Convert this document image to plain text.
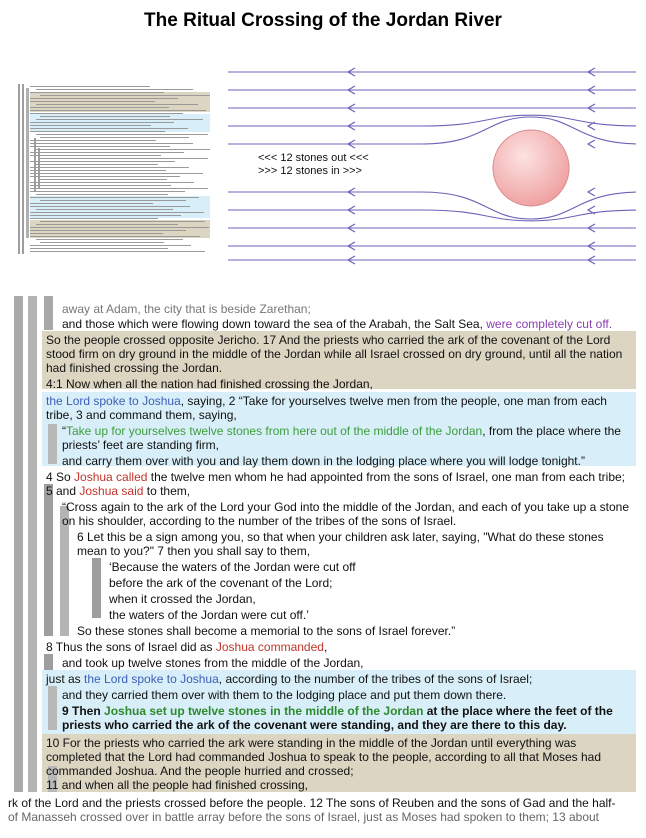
The Ritual Crossing of the Jordan River
<<< 12 stones out <<<
>>> 12 stones in >>>
away at Adam, the city that is beside Zarethan;
and those which were flowing down toward the sea of the Arabah, the Salt Sea, were completely cut off.
So the people crossed opposite Jericho. 17 And the priests who carried the ark of the covenant of the Lord
stood firm on dry ground in the middle of the Jordan while all Israel crossed on dry ground, until all the nation
had finished crossing the Jordan.
4:1 Now when all the nation had finished crossing the Jordan,
the Lord spoke to Joshua, saying, 2 “Take for yourselves twelve men from the people, one man from each
tribe, 3 and command them, saying,
“Take up for yourselves twelve stones from here out of the middle of the Jordan, from the place where the
priests’ feet are standing firm,
and carry them over with you and lay them down in the lodging place where you will lodge tonight.”
4 So Joshua called the twelve men whom he had appointed from the sons of Israel, one man from each tribe;
5 and Joshua said to them,
“Cross again to the ark of the Lord your God into the middle of the Jordan, and each of you take up a stone
on his shoulder, according to the number of the tribes of the sons of Israel.
6 Let this be a sign among you, so that when your children ask later, saying, "What do these stones
mean to you?" 7 then you shall say to them,
‘Because the waters of the Jordan were cut off
before the ark of the covenant of the Lord;
when it crossed the Jordan,
the waters of the Jordan were cut off.’
So these stones shall become a memorial to the sons of Israel forever.”
8 Thus the sons of Israel did as Joshua commanded,
and took up twelve stones from the middle of the Jordan,
just as the Lord spoke to Joshua, according to the number of the tribes of the sons of Israel;
and they carried them over with them to the lodging place and put them down there.
9 Then Joshua set up twelve stones in the middle of the Jordan at the place where the feet of the
priests who carried the ark of the covenant were standing, and they are there to this day.
10 For the priests who carried the ark were standing in the middle of the Jordan until everything was
completed that the Lord had commanded Joshua to speak to the people, according to all that Moses had
commanded Joshua. And the people hurried and crossed;
11 and when all the people had finished crossing,
rk of the Lord and the priests crossed before the people. 12 The sons of Reuben and the sons of Gad and the half-
of Manasseh crossed over in battle array before the sons of Israel, just as Moses had spoken to them; 13 about
